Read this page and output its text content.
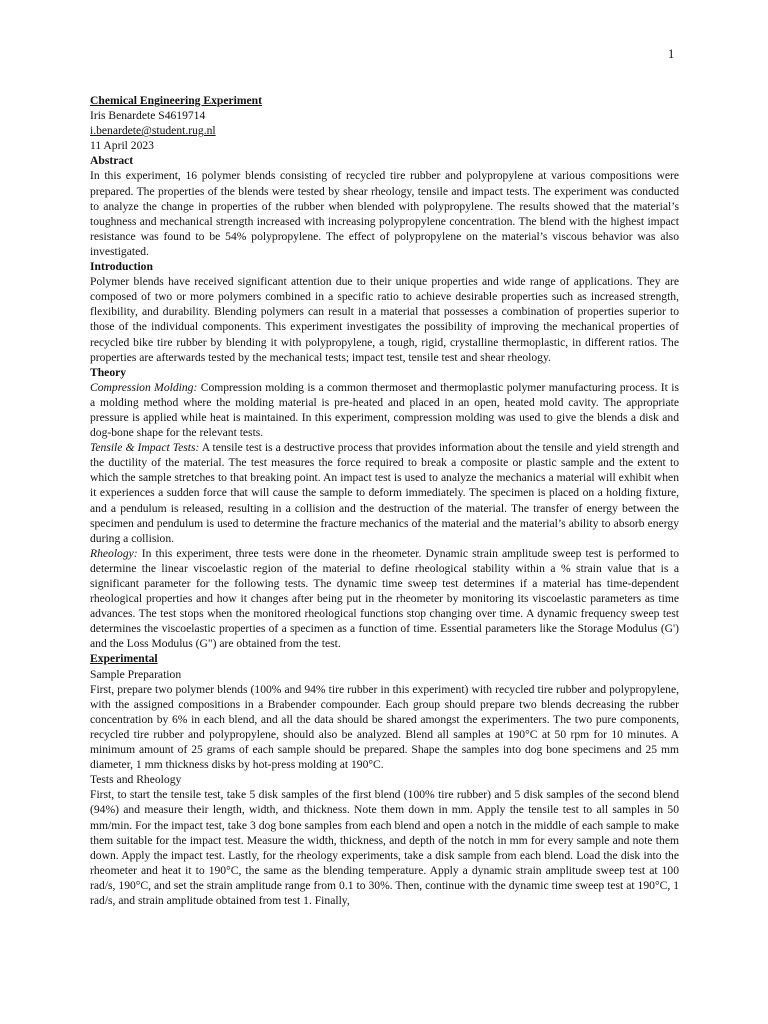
1
Chemical Engineering Experiment
Iris Benardete S4619714
i.benardete@student.rug.nl
11 April 2023
Abstract

In this experiment, 16 polymer blends consisting of recycled tire rubber and polypropylene at various compositions were prepared. The properties of the blends were tested by shear rheology, tensile and impact tests. The experiment was conducted to analyze the change in properties of the rubber when blended with polypropylene. The results showed that the material’s toughness and mechanical strength increased with increasing polypropylene concentration. The blend with the highest impact resistance was found to be 54% polypropylene. The effect of polypropylene on the material’s viscous behavior was also investigated.

Introduction

Polymer blends have received significant attention due to their unique properties and wide range of applications. They are composed of two or more polymers combined in a specific ratio to achieve desirable properties such as increased strength, flexibility, and durability. Blending polymers can result in a material that possesses a combination of properties superior to those of the individual components. This experiment investigates the possibility of improving the mechanical properties of recycled bike tire rubber by blending it with polypropylene, a tough, rigid, crystalline thermoplastic, in different ratios. The properties are afterwards tested by the mechanical tests; impact test, tensile test and shear rheology.

Theory

Compression Molding: Compression molding is a common thermoset and thermoplastic polymer manufacturing process. It is a molding method where the molding material is pre-heated and placed in an open, heated mold cavity. The appropriate pressure is applied while heat is maintained. In this experiment, compression molding was used to give the blends a disk and dog-bone shape for the relevant tests.

Tensile & Impact Tests: A tensile test is a destructive process that provides information about the tensile and yield strength and the ductility of the material. The test measures the force required to break a composite or plastic sample and the extent to which the sample stretches to that breaking point. An impact test is used to analyze the mechanics a material will exhibit when it experiences a sudden force that will cause the sample to deform immediately. The specimen is placed on a holding fixture, and a pendulum is released, resulting in a collision and the destruction of the material. The transfer of energy between the specimen and pendulum is used to determine the fracture mechanics of the material and the material’s ability to absorb energy during a collision.

Rheology: In this experiment, three tests were done in the rheometer. Dynamic strain amplitude sweep test is performed to determine the linear viscoelastic region of the material to define rheological stability within a % strain value that is a significant parameter for the following tests. The dynamic time sweep test determines if a material has time-dependent rheological properties and how it changes after being put in the rheometer by monitoring its viscoelastic parameters as time advances. The test stops when the monitored rheological functions stop changing over time. A dynamic frequency sweep test determines the viscoelastic properties of a specimen as a function of time. Essential parameters like the Storage Modulus (G') and the Loss Modulus (G") are obtained from the test.

Experimental
Sample Preparation

First, prepare two polymer blends (100% and 94% tire rubber in this experiment) with recycled tire rubber and polypropylene, with the assigned compositions in a Brabender compounder. Each group should prepare two blends decreasing the rubber concentration by 6% in each blend, and all the data should be shared amongst the experimenters. The two pure components, recycled tire rubber and polypropylene, should also be analyzed. Blend all samples at 190°C at 50 rpm for 10 minutes. A minimum amount of 25 grams of each sample should be prepared. Shape the samples into dog bone specimens and 25 mm diameter, 1 mm thickness disks by hot-press molding at 190°C.

Tests and Rheology

First, to start the tensile test, take 5 disk samples of the first blend (100% tire rubber) and 5 disk samples of the second blend (94%) and measure their length, width, and thickness. Note them down in mm. Apply the tensile test to all samples in 50 mm/min. For the impact test, take 3 dog bone samples from each blend and open a notch in the middle of each sample to make them suitable for the impact test. Measure the width, thickness, and depth of the notch in mm for every sample and note them down. Apply the impact test. Lastly, for the rheology experiments, take a disk sample from each blend. Load the disk into the rheometer and heat it to 190°C, the same as the blending temperature. Apply a dynamic strain amplitude sweep test at 100 rad/s, 190°C, and set the strain amplitude range from 0.1 to 30%. Then, continue with the dynamic time sweep test at 190°C, 1 rad/s, and strain amplitude obtained from test 1. Finally,
